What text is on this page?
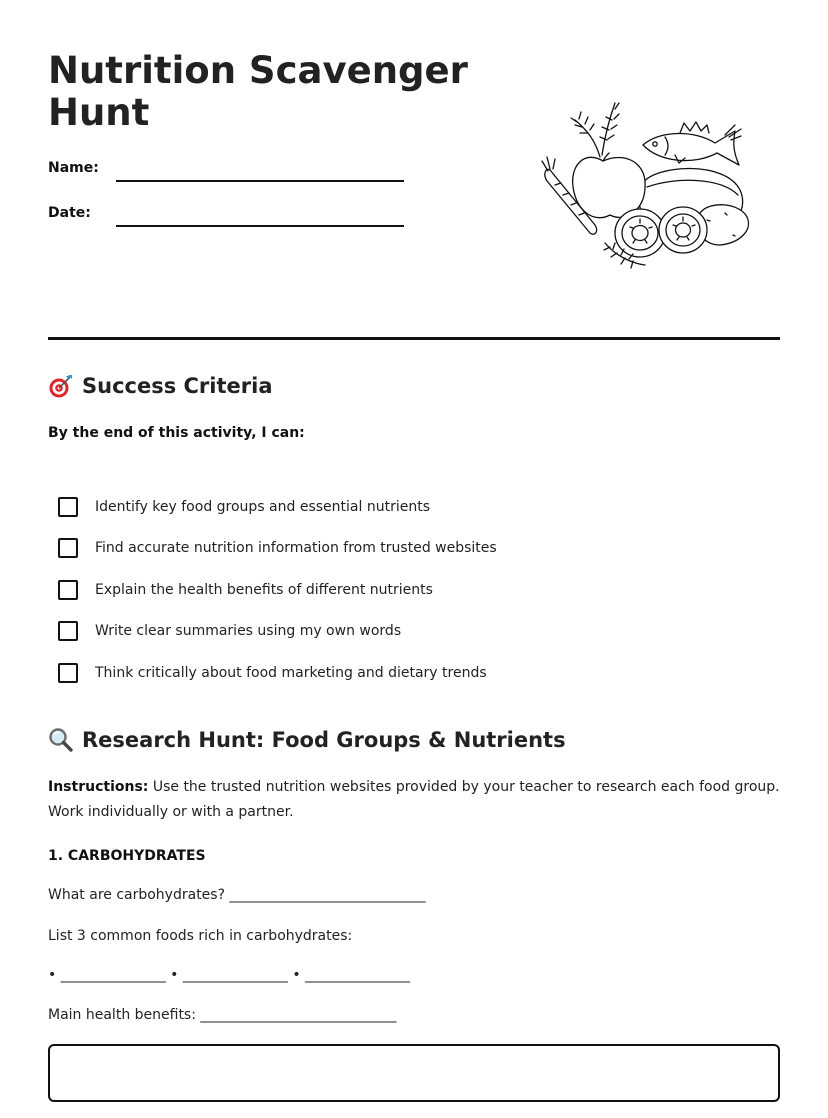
Nutrition Scavenger Hunt
Name:
Date:
Success Criteria
By the end of this activity, I can:
Identify key food groups and essential nutrients
Find accurate nutrition information from trusted websites
Explain the health benefits of different nutrients
Write clear summaries using my own words
Think critically about food marketing and dietary trends
Research Hunt: Food Groups & Nutrients
Instructions: Use the trusted nutrition websites provided by your teacher to research each food group. Work individually or with a partner.
1. CARBOHYDRATES
What are carbohydrates? ____________________________
List 3 common foods rich in carbohydrates:
• _______________ • _______________ • _______________
Main health benefits: ____________________________
